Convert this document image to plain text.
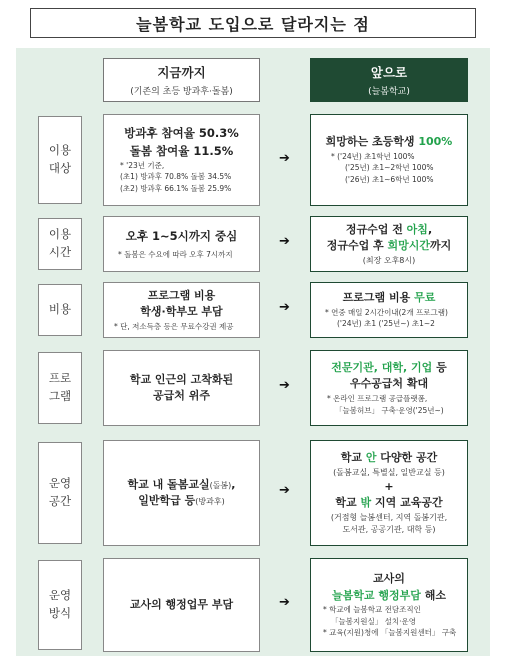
늘봄학교 도입으로 달라지는 점
지금까지
(기존의 초등 방과후·돌봄)
앞으로
(늘봄학교)
이용
대상
방과후 참여율 50.3%
돌봄 참여율 11.5%
* '23년 기준,
(초1) 방과후 70.8% 돌봄 34.5%
(초2) 방과후 66.1% 돌봄 25.9%
➔
희망하는 초등학생 100%
* ('24년) 초1학년 100%
('25년) 초1~2학년 100%
('26년) 초1~6학년 100%
이용
시간
오후 1~5시까지 중심
* 돌봄은 수요에 따라 오후 7시까지
➔
정규수업 전 아침,
정규수업 후 희망시간까지
(최장 오후8시)
비용
프로그램 비용
학생·학부모 부담
* 단, 저소득층 등은 무료수강권 제공
➔
프로그램 비용 무료
* 연중 매일 2시간이내(2개 프로그램)
('24년) 초1 ('25년~) 초1~2
프로
그램
학교 인근의 고착화된
공급처 위주
➔
전문기관, 대학, 기업 등
우수공급처 확대
* 온라인 프로그램 공급플랫폼,
「늘봄허브」 구축·운영('25년~)
운영
공간
학교 내 돌봄교실(돌봄),
일반학급 등(방과후)
➔
학교 안 다양한 공간
(돌봄교실, 특별실, 일반교실 등)
+
학교 밖 지역 교육공간
(거점형 늘봄센터, 지역 돌봄기관,
도서관, 공공기관, 대학 등)
운영
방식
교사의 행정업무 부담	➔
교사의
늘봄학교 행정부담 해소
* 학교에 늘봄학교 전담조직인
「늘봄지원실」 설치·운영
* 교육(지원)청에 「늘봄지원센터」 구축
